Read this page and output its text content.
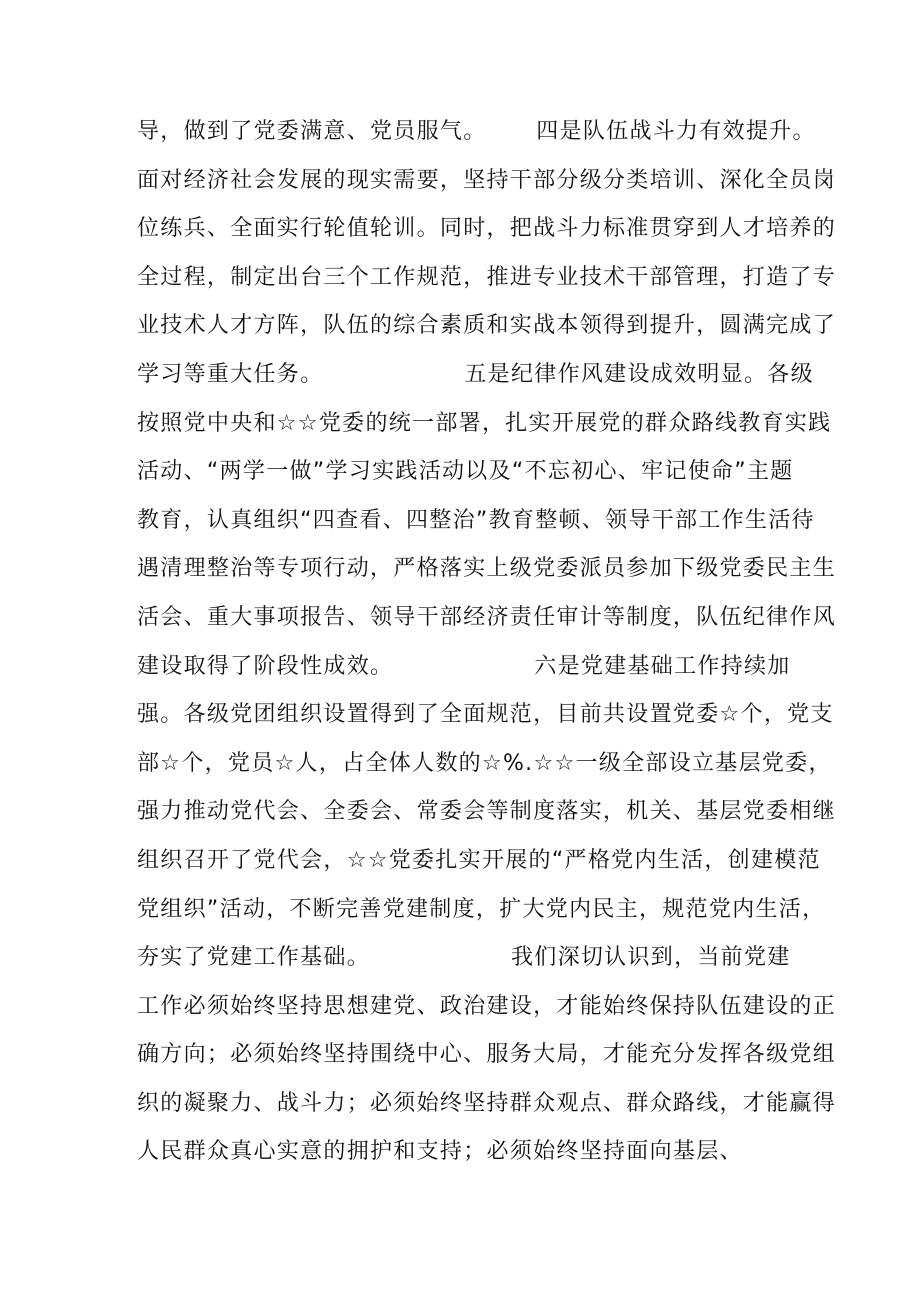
导，做到了党委满意、党员服气。      四是队伍战斗力有效提升。
面对经济社会发展的现实需要，坚持干部分级分类培训、深化全员岗
位练兵、全面实行轮值轮训。同时，把战斗力标准贯穿到人才培养的
全过程，制定出台三个工作规范，推进专业技术干部管理，打造了专
业技术人才方阵，队伍的综合素质和实战本领得到提升，圆满完成了
学习等重大任务。                 五是纪律作风建设成效明显。各级
按照党中央和☆☆党委的统一部署，扎实开展党的群众路线教育实践
活动、“两学一做”学习实践活动以及“不忘初心、牢记使命”主题
教育，认真组织“四查看、四整治”教育整顿、领导干部工作生活待
遇清理整治等专项行动，严格落实上级党委派员参加下级党委民主生
活会、重大事项报告、领导干部经济责任审计等制度，队伍纪律作风
建设取得了阶段性成效。                 六是党建基础工作持续加
强。各级党团组织设置得到了全面规范，目前共设置党委☆个，党支
部☆个，党员☆人，占全体人数的☆%.☆☆一级全部设立基层党委，
强力推动党代会、全委会、常委会等制度落实，机关、基层党委相继
组织召开了党代会，☆☆党委扎实开展的“严格党内生活，创建模范
党组织”活动，不断完善党建制度，扩大党内民主，规范党内生活，
夯实了党建工作基础。                 我们深切认识到，当前党建
工作必须始终坚持思想建党、政治建设，才能始终保持队伍建设的正
确方向；必须始终坚持围绕中心、服务大局，才能充分发挥各级党组
织的凝聚力、战斗力；必须始终坚持群众观点、群众路线，才能赢得
人民群众真心实意的拥护和支持；必须始终坚持面向基层、
